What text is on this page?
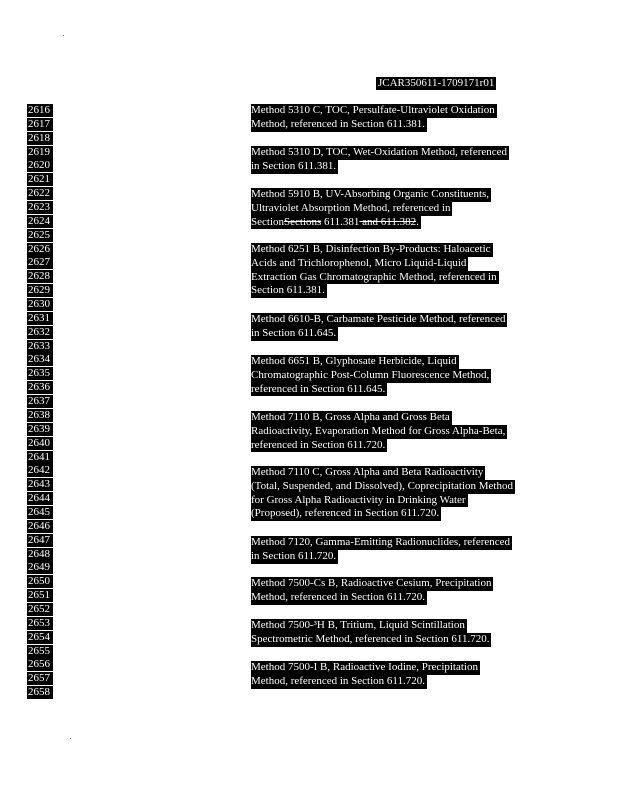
JCAR350611-1709171r01
2616
2617
2618
2619
2620
2621
2622
2623
2624
2625
2626
2627
2628
2629
2630
2631
2632
2633
2634
2635
2636
2637
2638
2639
2640
2641
2642
2643
2644
2645
2646
2647
2648
2649
2650
2651
2652
2653
2654
2655
2656
2657
2658
Method 5310 C, TOC, Persulfate-Ultraviolet Oxidation
Method, referenced in Section 611.381.
Method 5310 D, TOC, Wet-Oxidation Method, referenced
in Section 611.381.
Method 5910 B, UV-Absorbing Organic Constituents,
Ultraviolet Absorption Method, referenced in
SectionSections 611.381 and 611.382.
Method 6251 B, Disinfection By-Products: Haloacetic
Acids and Trichlorophenol, Micro Liquid-Liquid
Extraction Gas Chromatographic Method, referenced in
Section 611.381.
Method 6610-B, Carbamate Pesticide Method, referenced
in Section 611.645.
Method 6651 B, Glyphosate Herbicide, Liquid
Chromatographic Post-Column Fluorescence Method,
referenced in Section 611.645.
Method 7110 B, Gross Alpha and Gross Beta
Radioactivity, Evaporation Method for Gross Alpha-Beta,
referenced in Section 611.720.
Method 7110 C, Gross Alpha and Beta Radioactivity
(Total, Suspended, and Dissolved), Coprecipitation Method
for Gross Alpha Radioactivity in Drinking Water
(Proposed), referenced in Section 611.720.
Method 7120, Gamma-Emitting Radionuclides, referenced
in Section 611.720.
Method 7500-Cs B, Radioactive Cesium, Precipitation
Method, referenced in Section 611.720.
Method 7500-³H B, Tritium, Liquid Scintillation
Spectrometric Method, referenced in Section 611.720.
Method 7500-I B, Radioactive Iodine, Precipitation
Method, referenced in Section 611.720.
